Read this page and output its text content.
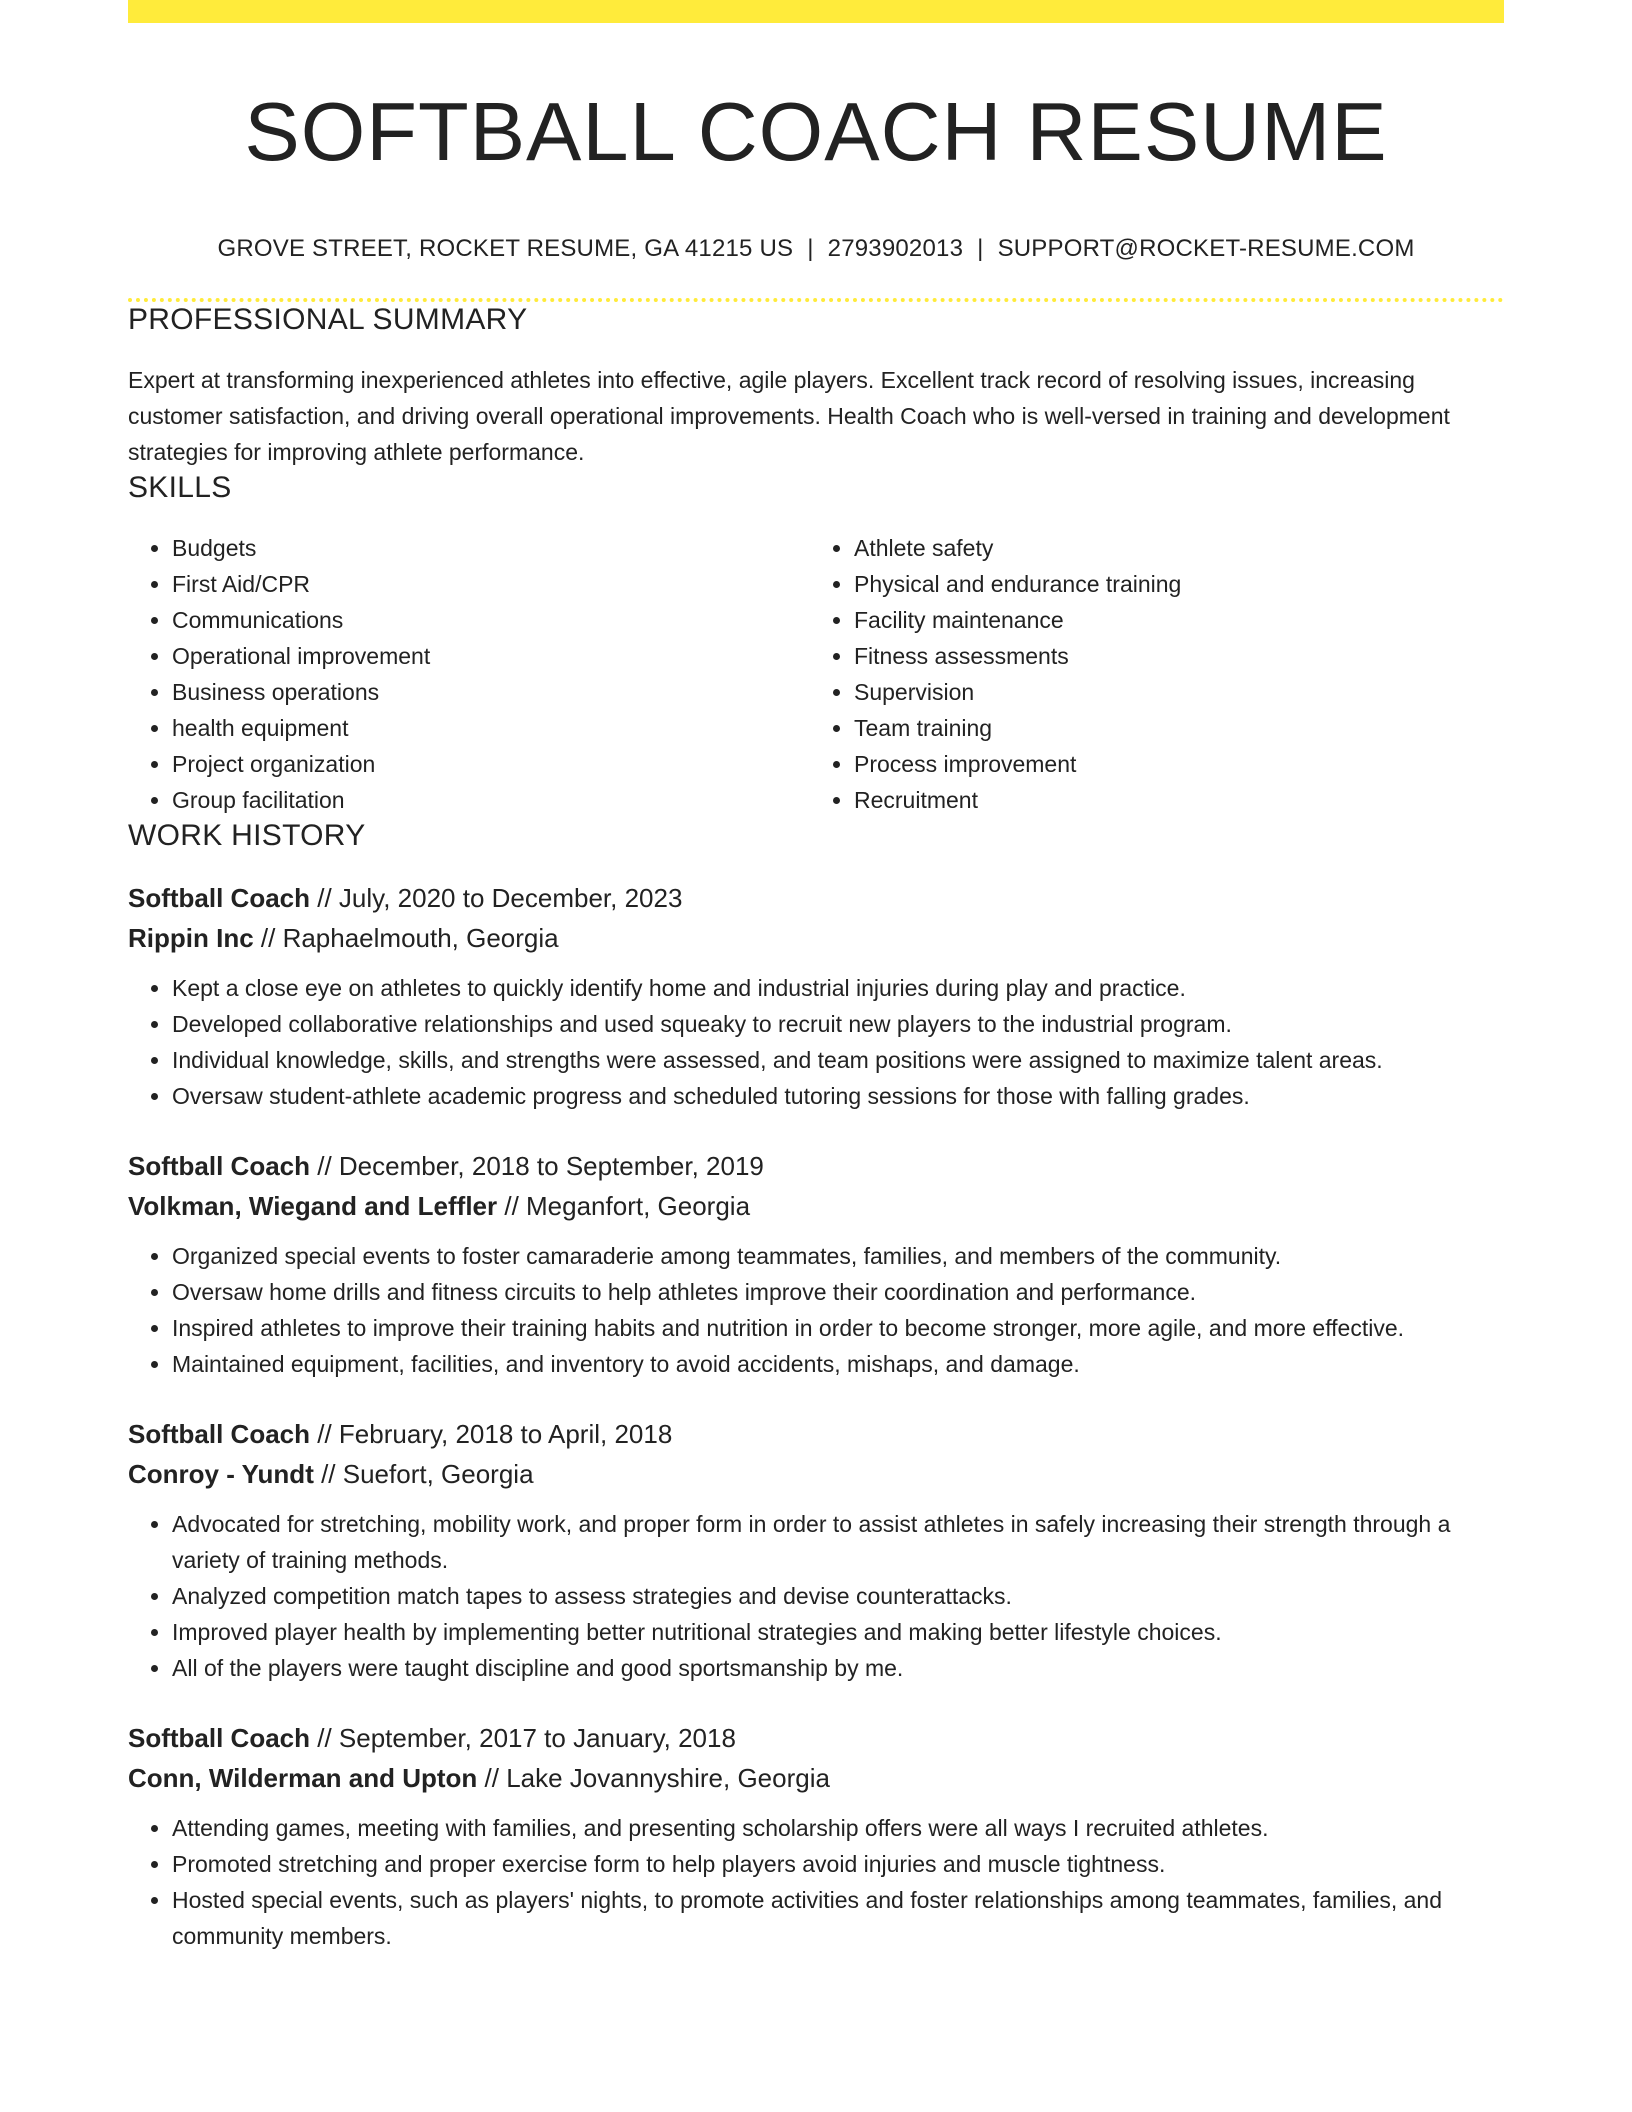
SOFTBALL COACH RESUME
GROVE STREET, ROCKET RESUME, GA 41215 US | 2793902013 | SUPPORT@ROCKET-RESUME.COM
PROFESSIONAL SUMMARY

Expert at transforming inexperienced athletes into effective, agile players. Excellent track record of resolving issues, increasing customer satisfaction, and driving overall operational improvements. Health Coach who is well-versed in training and development strategies for improving athlete performance.

SKILLS
• Budgets
• First Aid/CPR
• Communications
• Operational improvement
• Business operations
• health equipment
• Project organization
• Group facilitation
• Athlete safety
• Physical and endurance training
• Facility maintenance
• Fitness assessments
• Supervision
• Team training
• Process improvement
• Recruitment
WORK HISTORY
Softball Coach // July, 2020 to December, 2023
Rippin Inc // Raphaelmouth, Georgia
• Kept a close eye on athletes to quickly identify home and industrial injuries during play and practice.
• Developed collaborative relationships and used squeaky to recruit new players to the industrial program.
• Individual knowledge, skills, and strengths were assessed, and team positions were assigned to maximize talent areas.
• Oversaw student-athlete academic progress and scheduled tutoring sessions for those with falling grades.
Softball Coach // December, 2018 to September, 2019
Volkman, Wiegand and Leffler // Meganfort, Georgia
• Organized special events to foster camaraderie among teammates, families, and members of the community.
• Oversaw home drills and fitness circuits to help athletes improve their coordination and performance.
• Inspired athletes to improve their training habits and nutrition in order to become stronger, more agile, and more effective.
• Maintained equipment, facilities, and inventory to avoid accidents, mishaps, and damage.
Softball Coach // February, 2018 to April, 2018
Conroy - Yundt // Suefort, Georgia
• Advocated for stretching, mobility work, and proper form in order to assist athletes in safely increasing their strength through a variety of training methods.
• Analyzed competition match tapes to assess strategies and devise counterattacks.
• Improved player health by implementing better nutritional strategies and making better lifestyle choices.
• All of the players were taught discipline and good sportsmanship by me.
Softball Coach // September, 2017 to January, 2018
Conn, Wilderman and Upton // Lake Jovannyshire, Georgia
• Attending games, meeting with families, and presenting scholarship offers were all ways I recruited athletes.
• Promoted stretching and proper exercise form to help players avoid injuries and muscle tightness.
• Hosted special events, such as players' nights, to promote activities and foster relationships among teammates, families, and community members.
